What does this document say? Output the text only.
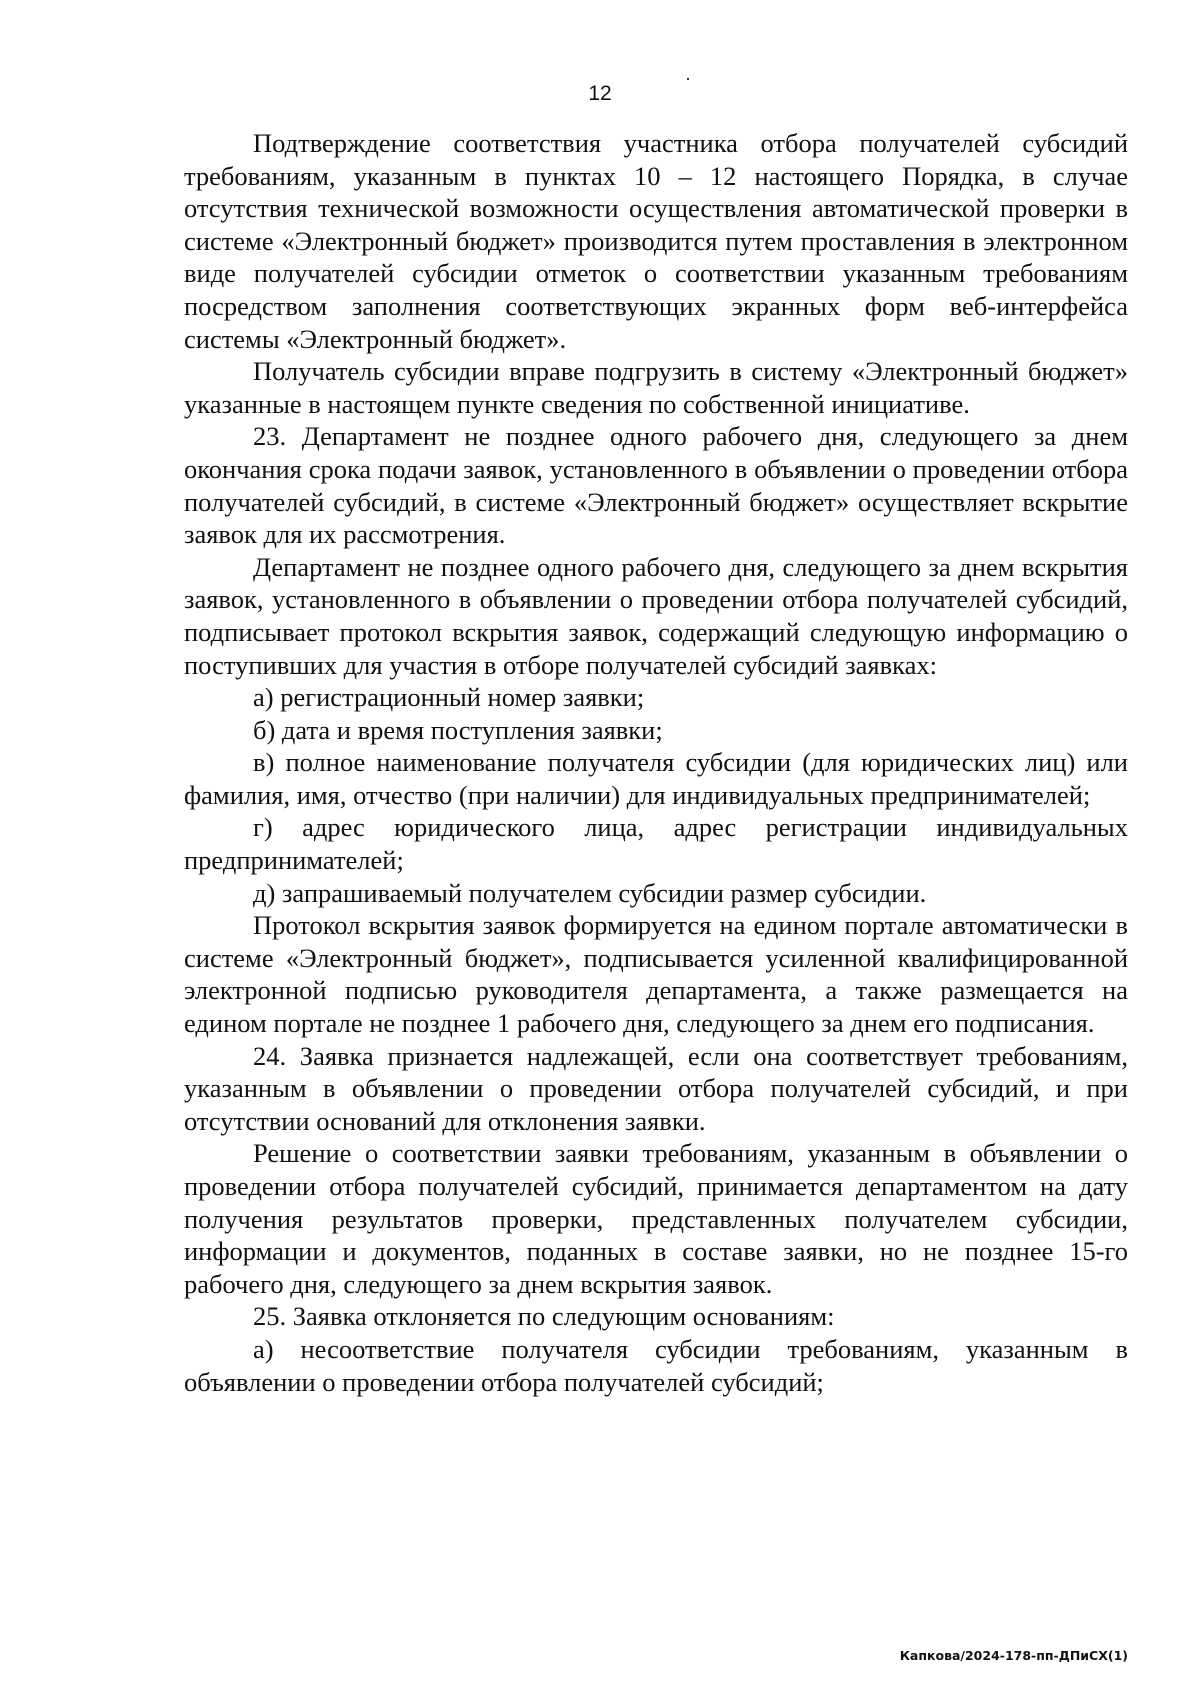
12

Подтверждение соответствия участника отбора получателей субсидий требованиям, указанным в пунктах 10 – 12 настоящего Порядка, в случае отсутствия технической возможности осуществления автоматической проверки в системе «Электронный бюджет» производится путем проставления в электронном виде получателей субсидии отметок о соответствии указанным требованиям посредством заполнения соответствующих экранных форм веб-интерфейса системы «Электронный бюджет».

Получатель субсидии вправе подгрузить в систему «Электронный бюджет» указанные в настоящем пункте сведения по собственной инициативе.

23. Департамент не позднее одного рабочего дня, следующего за днем окончания срока подачи заявок, установленного в объявлении о проведении отбора получателей субсидий, в системе «Электронный бюджет» осуществляет вскрытие заявок для их рассмотрения.

Департамент не позднее одного рабочего дня, следующего за днем вскрытия заявок, установленного в объявлении о проведении отбора получателей субсидий, подписывает протокол вскрытия заявок, содержащий следующую информацию о поступивших для участия в отборе получателей субсидий заявках:

а) регистрационный номер заявки;

б) дата и время поступления заявки;

в) полное наименование получателя субсидии (для юридических лиц) или фамилия, имя, отчество (при наличии) для индивидуальных предпринимателей;

г) адрес юридического лица, адрес регистрации индивидуальных предпринимателей;

д) запрашиваемый получателем субсидии размер субсидии.

Протокол вскрытия заявок формируется на едином портале автоматически в системе «Электронный бюджет», подписывается усиленной квалифицированной электронной подписью руководителя департамента, а также размещается на едином портале не позднее 1 рабочего дня, следующего за днем его подписания.

24. Заявка признается надлежащей, если она соответствует требованиям, указанным в объявлении о проведении отбора получателей субсидий, и при отсутствии оснований для отклонения заявки.

Решение о соответствии заявки требованиям, указанным в объявлении о проведении отбора получателей субсидий, принимается департаментом на дату получения результатов проверки, представленных получателем субсидии, информации и документов, поданных в составе заявки, но не позднее 15-го рабочего дня, следующего за днем вскрытия заявок.

25. Заявка отклоняется по следующим основаниям:

а) несоответствие получателя субсидии требованиям, указанным в объявлении о проведении отбора получателей субсидий;

Капкова/2024-178-пп-ДПиСХ(1)
